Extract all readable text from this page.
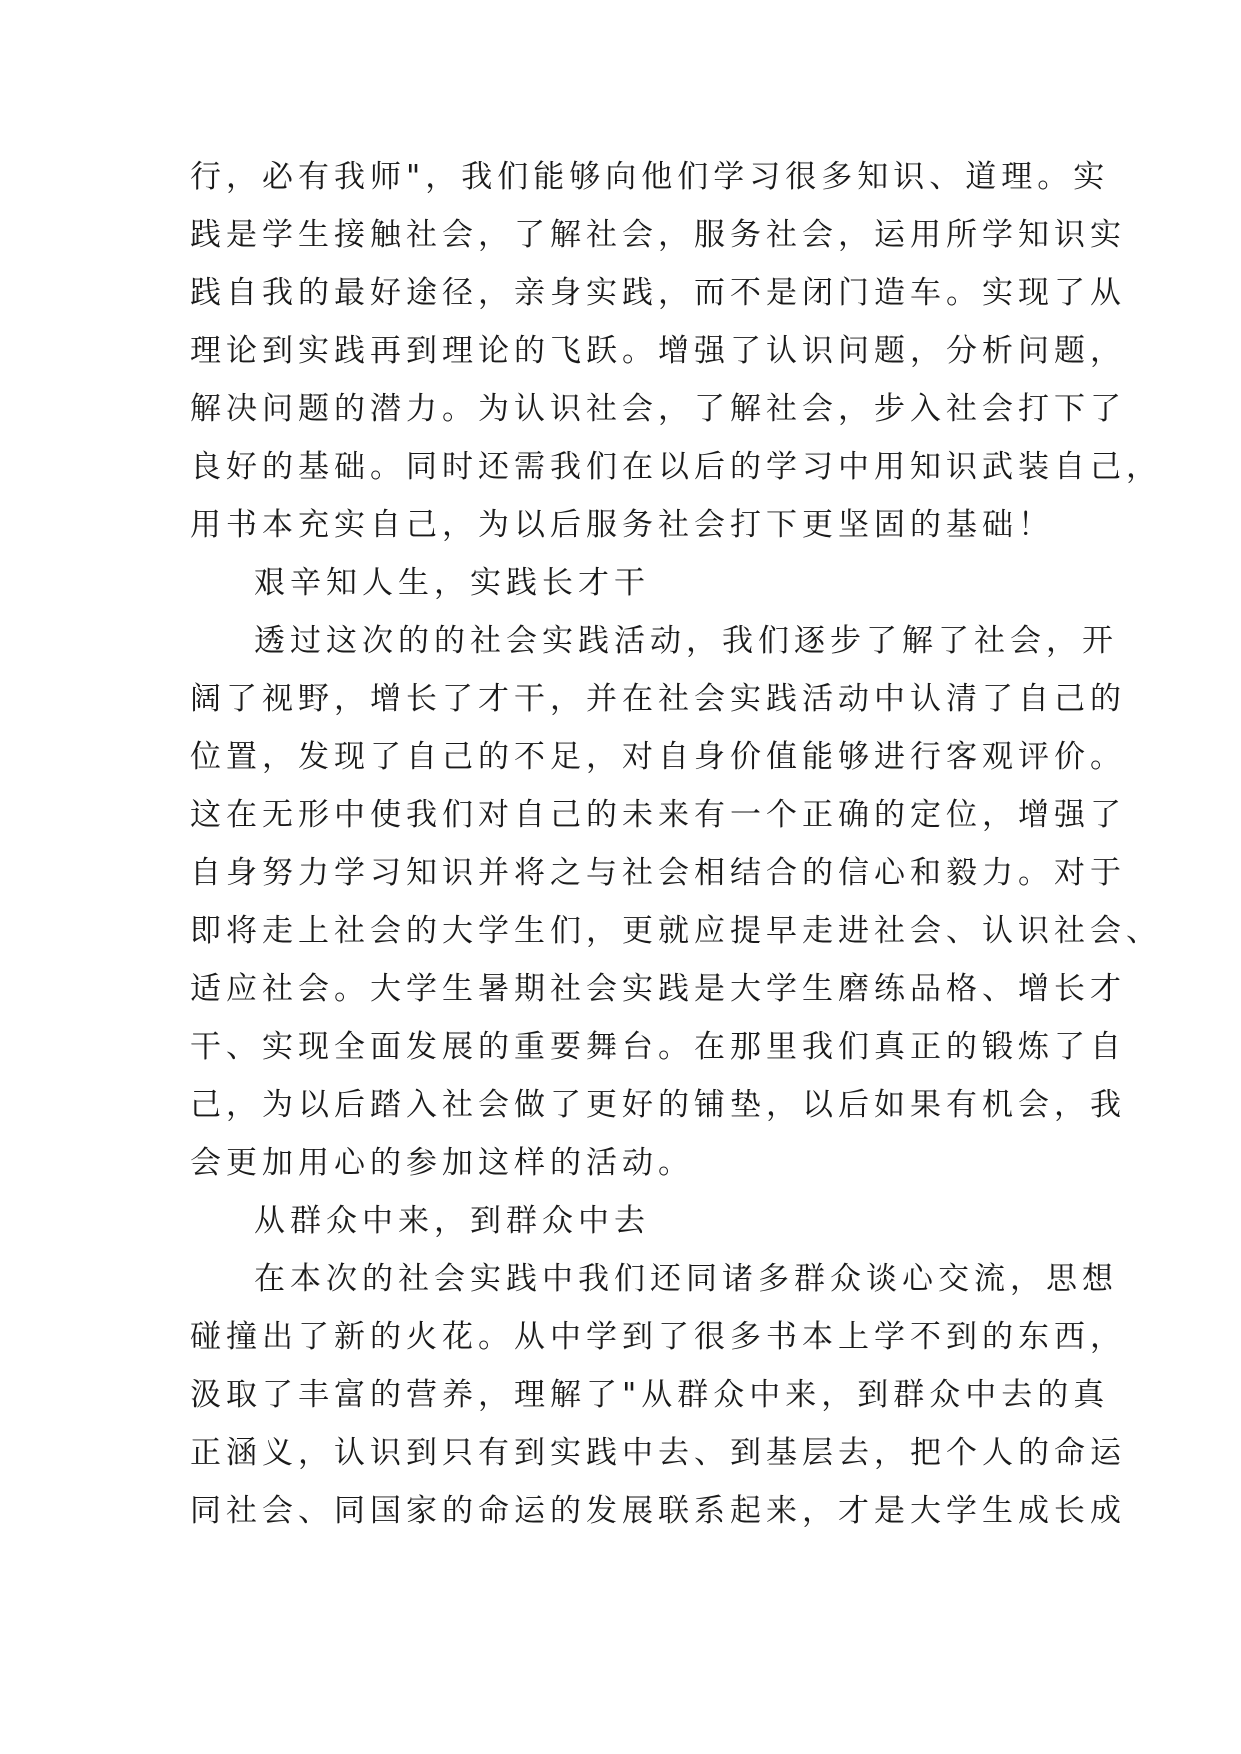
行，必有我师"，我们能够向他们学习很多知识、道理。实
践是学生接触社会，了解社会，服务社会，运用所学知识实
践自我的最好途径，亲身实践，而不是闭门造车。实现了从
理论到实践再到理论的飞跃。增强了认识问题，分析问题，
解决问题的潜力。为认识社会，了解社会，步入社会打下了
良好的基础。同时还需我们在以后的学习中用知识武装自己，
用书本充实自己，为以后服务社会打下更坚固的基础！
艰辛知人生，实践长才干
透过这次的的社会实践活动，我们逐步了解了社会，开
阔了视野，增长了才干，并在社会实践活动中认清了自己的
位置，发现了自己的不足，对自身价值能够进行客观评价。
这在无形中使我们对自己的未来有一个正确的定位，增强了
自身努力学习知识并将之与社会相结合的信心和毅力。对于
即将走上社会的大学生们，更就应提早走进社会、认识社会、
适应社会。大学生暑期社会实践是大学生磨练品格、增长才
干、实现全面发展的重要舞台。在那里我们真正的锻炼了自
己，为以后踏入社会做了更好的铺垫，以后如果有机会，我
会更加用心的参加这样的活动。
从群众中来，到群众中去
在本次的社会实践中我们还同诸多群众谈心交流，思想
碰撞出了新的火花。从中学到了很多书本上学不到的东西，
汲取了丰富的营养，理解了"从群众中来，到群众中去的真
正涵义，认识到只有到实践中去、到基层去，把个人的命运
同社会、同国家的命运的发展联系起来，才是大学生成长成
